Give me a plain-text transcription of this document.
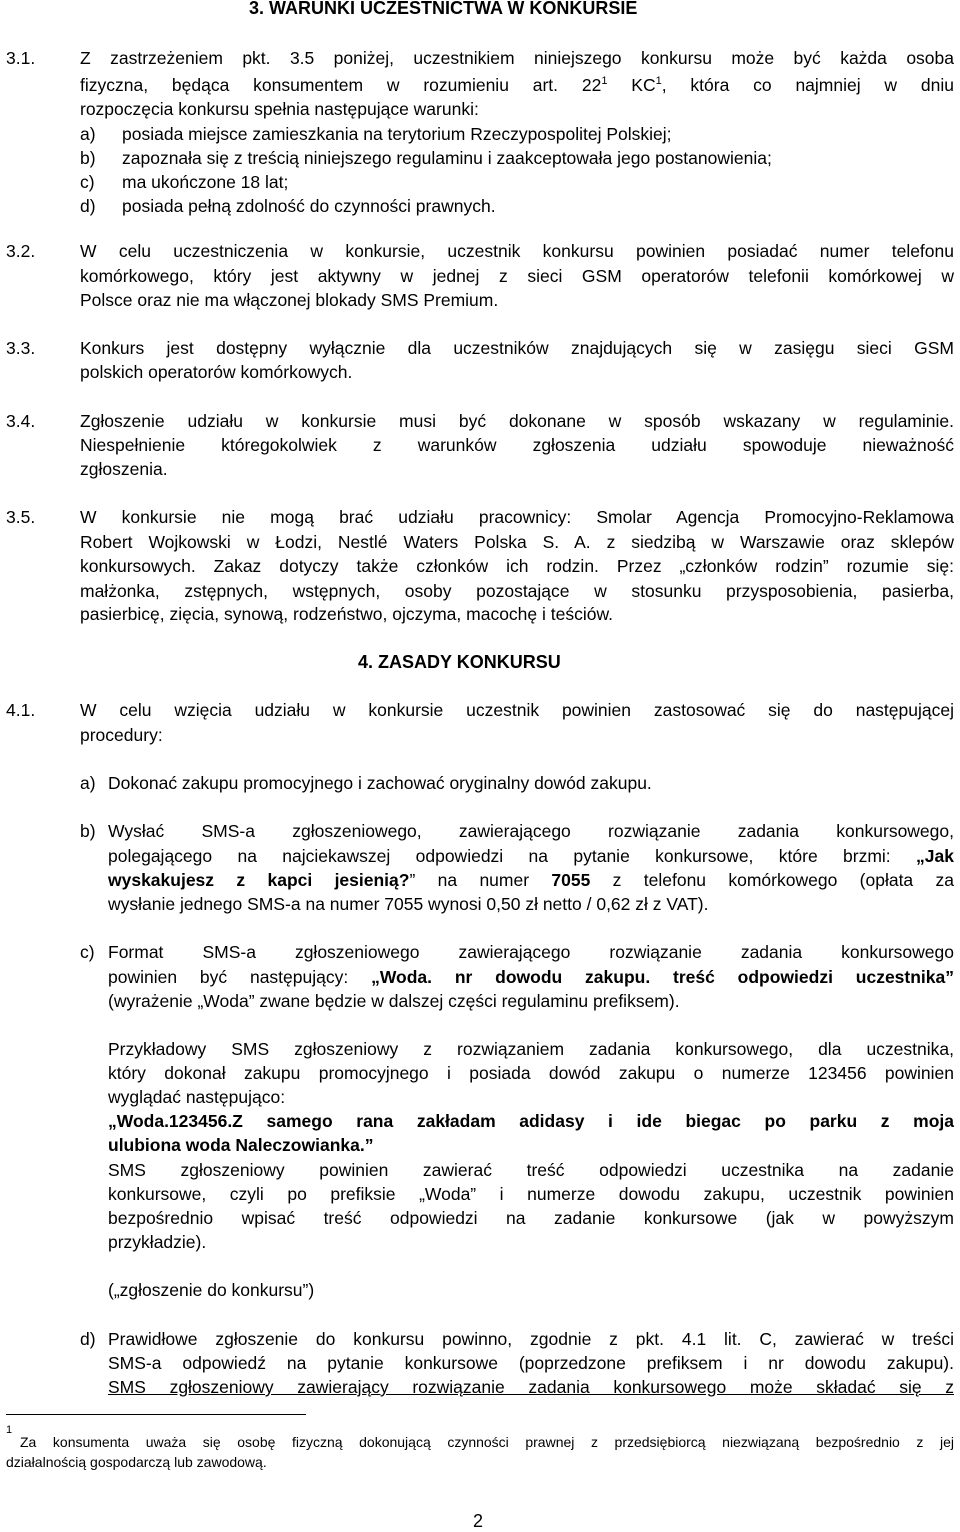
3. WARUNKI UCZESTNICTWA W KONKURSIE
3.1.	Z zastrzeżeniem pkt. 3.5 poniżej, uczestnikiem niniejszego konkursu może być każda osoba
fizyczna, będąca konsumentem w rozumieniu art. $22^1$ $KC^1$, która co najmniej w dniu
rozpoczęcia konkursu spełnia następujące warunki:
a) posiada miejsce zamieszkania na terytorium Rzeczypospolitej Polskiej;
b) zapoznała się z treścią niniejszego regulaminu i zaakceptowała jego postanowienia;
c) ma ukończone 18 lat;
d) posiada pełną zdolność do czynności prawnych.
3.2.	W celu uczestniczenia w konkursie, uczestnik konkursu powinien posiadać numer telefonu
komórkowego, który jest aktywny w jednej z sieci GSM operatorów telefonii komórkowej w
Polsce oraz nie ma włączonej blokady SMS Premium.
3.3.	Konkurs jest dostępny wyłącznie dla uczestników znajdujących się w zasięgu sieci GSM
polskich operatorów komórkowych.
3.4.	Zgłoszenie udziału w konkursie musi być dokonane w sposób wskazany w regulaminie.
Niespełnienie któregokolwiek z warunków zgłoszenia udziału spowoduje nieważność
zgłoszenia.
3.5.	W konkursie nie mogą brać udziału pracownicy: Smolar Agencja Promocyjno-Reklamowa
Robert Wojkowski w Łodzi, Nestlé Waters Polska S. A. z siedzibą w Warszawie oraz sklepów
konkursowych. Zakaz dotyczy także członków ich rodzin. Przez „członków rodzin” rozumie się:
małżonka, zstępnych, wstępnych, osoby pozostające w stosunku przysposobienia, pasierba,
pasierbicę, zięcia, synową, rodzeństwo, ojczyma, macochę i teściów.
4. ZASADY KONKURSU
4.1.	W celu wzięcia udziału w konkursie uczestnik powinien zastosować się do następującej
procedury:
a) Dokonać zakupu promocyjnego i zachować oryginalny dowód zakupu.
b) Wysłać SMS-a zgłoszeniowego, zawierającego rozwiązanie zadania konkursowego,
polegającego na najciekawszej odpowiedzi na pytanie konkursowe, które brzmi: „Jak
wyskakujesz z kapci jesienią?” na numer 7055 z telefonu komórkowego (opłata za
wysłanie jednego SMS-a na numer 7055 wynosi 0,50 zł netto / 0,62 zł z VAT).
c) Format SMS-a zgłoszeniowego zawierającego rozwiązanie zadania konkursowego
powinien być następujący: „Woda. nr dowodu zakupu. treść odpowiedzi uczestnika”
(wyrażenie „Woda” zwane będzie w dalszej części regulaminu prefiksem).
Przykładowy SMS zgłoszeniowy z rozwiązaniem zadania konkursowego, dla uczestnika,
który dokonał zakupu promocyjnego i posiada dowód zakupu o numerze 123456 powinien
wyglądać następująco:
„Woda.123456.Z samego rana zakładam adidasy i ide biegac po parku z moja
ulubiona woda Naleczowianka.”
SMS zgłoszeniowy powinien zawierać treść odpowiedzi uczestnika na zadanie
konkursowe, czyli po prefiksie „Woda” i numerze dowodu zakupu, uczestnik powinien
bezpośrednio wpisać treść odpowiedzi na zadanie konkursowe (jak w powyższym
przykładzie).
(„zgłoszenie do konkursu”)
d) Prawidłowe zgłoszenie do konkursu powinno, zgodnie z pkt. 4.1 lit. C, zawierać w treści
SMS-a odpowiedź na pytanie konkursowe (poprzedzone prefiksem i nr dowodu zakupu).
SMS zgłoszeniowy zawierający rozwiązanie zadania konkursowego może składać się z
1
Za konsumenta uważa się osobę fizyczną dokonującą czynności prawnej z przedsiębiorcą niezwiązaną bezpośrednio z jej
działalnością gospodarczą lub zawodową.
2
